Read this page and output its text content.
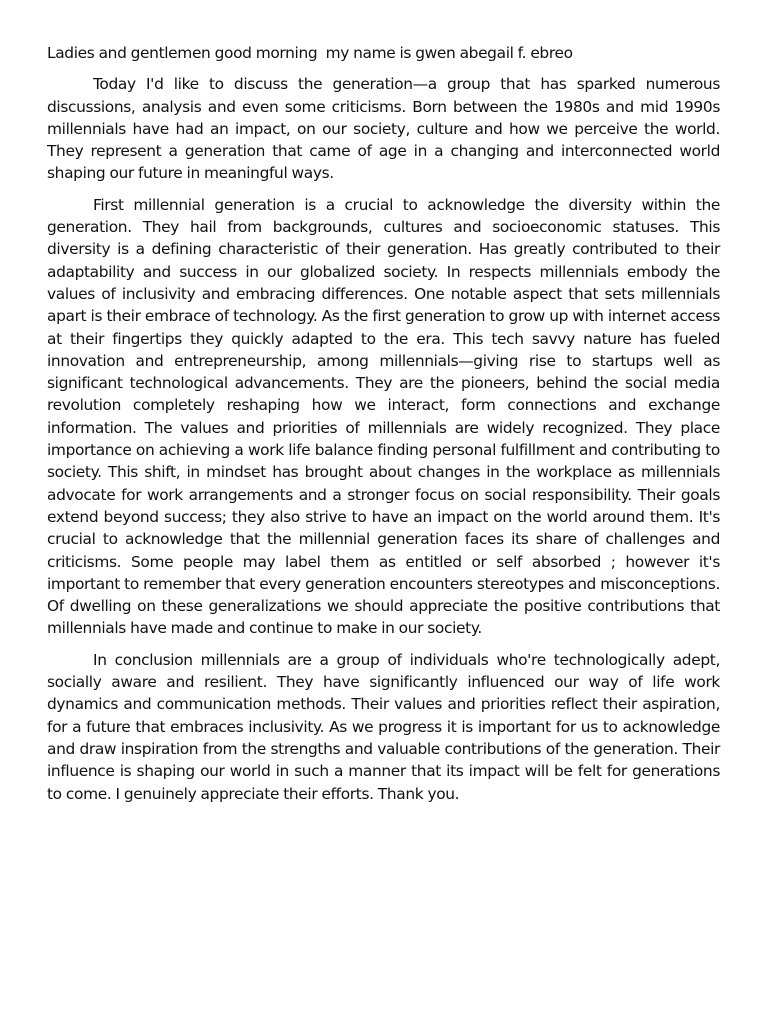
Ladies and gentlemen good morning  my name is gwen abegail f. ebreo

Today I'd like to discuss the generation—a group that has sparked numerous discussions, analysis and even some criticisms. Born between the 1980s and mid 1990s millennials have had an impact, on our society, culture and how we perceive the world. They represent a generation that came of age in a changing and interconnected world shaping our future in meaningful ways.

First millennial generation is a crucial to acknowledge the diversity within the generation. They hail from backgrounds, cultures and socioeconomic statuses. This diversity is a defining characteristic of their generation. Has greatly contributed to their adaptability and success in our globalized society. In respects millennials embody the values of inclusivity and embracing differences. One notable aspect that sets millennials apart is their embrace of technology. As the first generation to grow up with internet access at their fingertips they quickly adapted to the era. This tech savvy nature has fueled innovation and entrepreneurship, among millennials—giving rise to startups well as significant technological advancements. They are the pioneers, behind the social media revolution completely reshaping how we interact, form connections and exchange information. The values and priorities of millennials are widely recognized. They place importance on achieving a work life balance finding personal fulfillment and contributing to society. This shift, in mindset has brought about changes in the workplace as millennials advocate for work arrangements and a stronger focus on social responsibility. Their goals extend beyond success; they also strive to have an impact on the world around them. It's crucial to acknowledge that the millennial generation faces its share of challenges and criticisms. Some people may label them as entitled or self absorbed ; however it's important to remember that every generation encounters stereotypes and misconceptions. Of dwelling on these generalizations we should appreciate the positive contributions that millennials have made and continue to make in our society.

In conclusion millennials are a group of individuals who're technologically adept, socially aware and resilient. They have significantly influenced our way of life work dynamics and communication methods. Their values and priorities reflect their aspiration, for a future that embraces inclusivity. As we progress it is important for us to acknowledge and draw inspiration from the strengths and valuable contributions of the generation. Their influence is shaping our world in such a manner that its impact will be felt for generations to come. I genuinely appreciate their efforts. Thank you.
